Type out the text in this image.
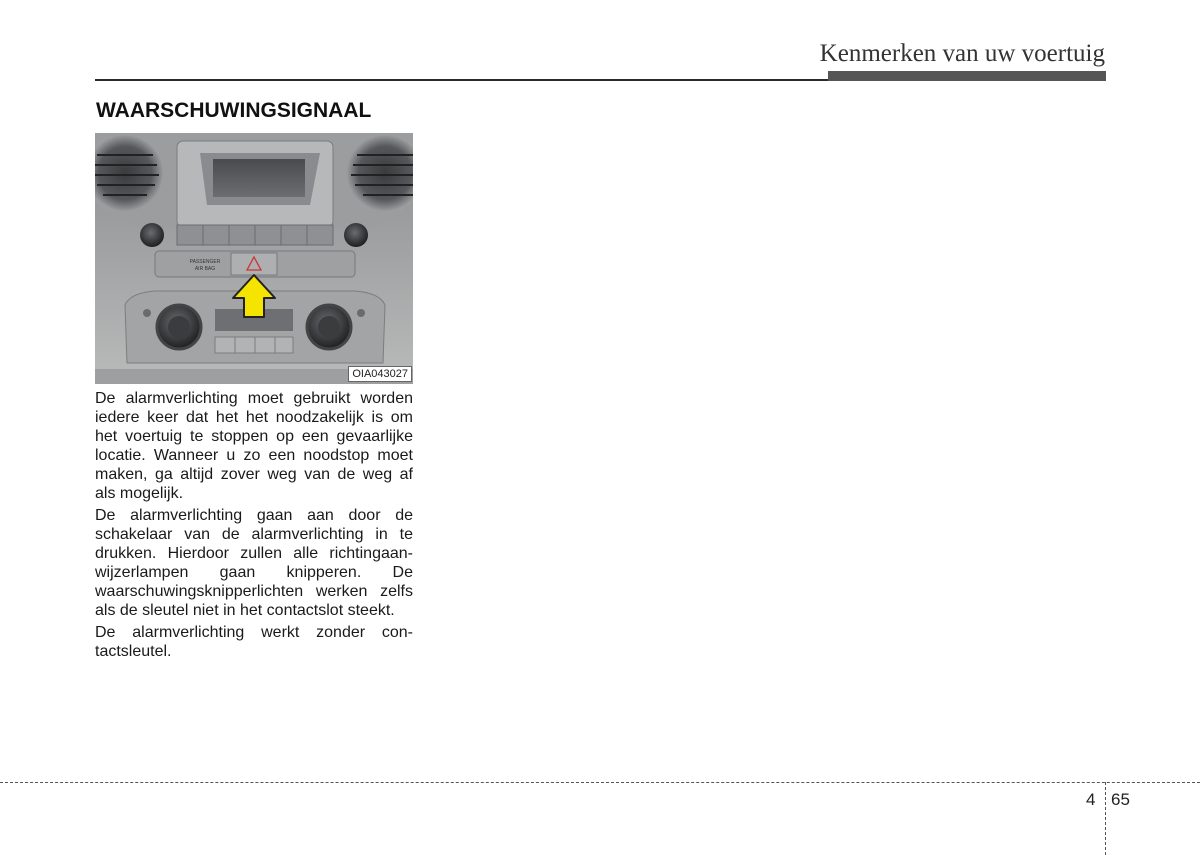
Kenmerken van uw voertuig
WAARSCHUWINGSIGNAAL
PASSENGER
AIR BAG
OIA043027

De alarmverlichting moet gebruikt worden iedere keer dat het het noodzakelijk is om het voertuig te stoppen op een gevaarlijke locatie. Wanneer u zo een noodstop moet maken, ga altijd zover weg van de weg af als mogelijk.

De alarmverlichting gaan aan door de schakelaar van de alarmverlichting in te drukken. Hierdoor zullen alle richtingaanwijzerlampen gaan knipperen. De waarschuwingsknipperlichten werken zelfs als de sleutel niet in het contactslot steekt.

De alarmverlichting werkt zonder contactsleutel.

4 65
